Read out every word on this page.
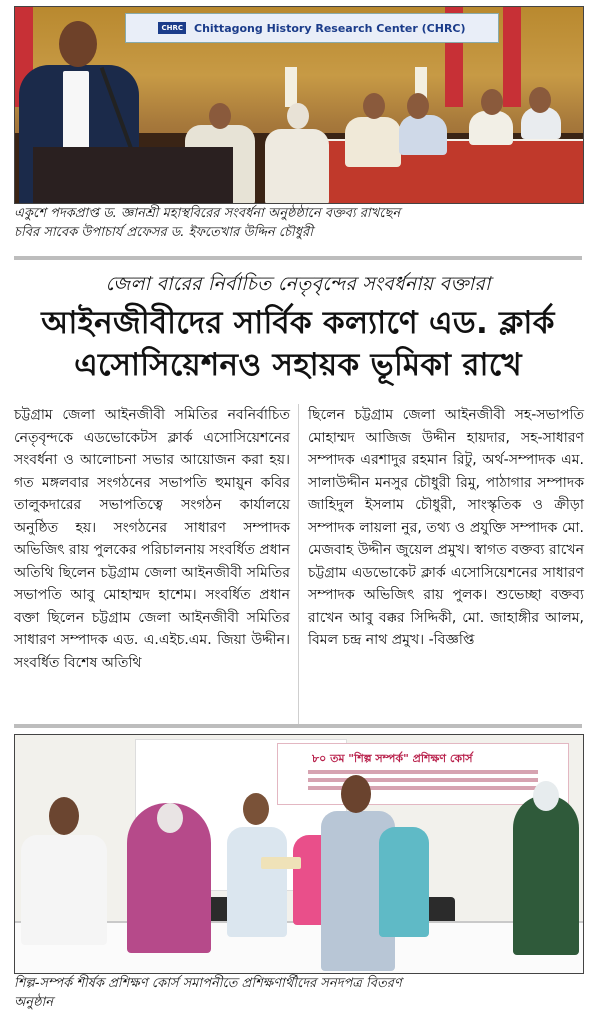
CHRC Chittagong History Research Center (CHRC)
একুশে পদকপ্রাপ্ত ড. জ্ঞানশ্রী মহাস্থবিরের সংবর্ধনা অনুষ্ঠষ্ঠানে বক্তব্য রাখছেন
চবির সাবেক উপাচার্য প্রফেসর ড. ইফতেখার উদ্দিন চৌধুরী
জেলা বারের নির্বাচিত নেতৃবৃন্দের সংবর্ধনায় বক্তারা
আইনজীবীদের সার্বিক কল্যাণে এড. ক্লার্ক
এসোসিয়েশনও সহায়ক ভূমিকা রাখে
চট্টগ্রাম জেলা আইনজীবী সমিতির নবনির্বাচিত নেতৃবৃন্দকে এডভোকেটস ক্লার্ক এসোসিয়েশনের সংবর্ধনা ও আলোচনা সভার আয়োজন করা হয়। গত মঙ্গলবার সংগঠনের সভাপতি হুমায়ুন কবির তালুকদারের সভাপতিত্বে সংগঠন কার্যালয়ে অনুষ্ঠিত হয়। সংগঠনের সাধারণ সম্পাদক অভিজিৎ রায় পুলকের পরিচালনায় সংবর্ধিত প্রধান অতিথি ছিলেন চট্টগ্রাম জেলা আইনজীবী সমিতির সভাপতি আবু মোহাম্মদ হাশেম। সংবর্ধিত প্রধান বক্তা ছিলেন চট্টগ্রাম জেলা আইনজীবী সমিতির সাধারণ সম্পাদক এড. এ.এইচ.এম. জিয়া উদ্দীন। সংবর্ধিত বিশেষ অতিথি
ছিলেন চট্টগ্রাম জেলা আইনজীবী সহ-সভাপতি মোহাম্মদ আজিজ উদ্দীন হায়দার, সহ-সাধারণ সম্পাদক এরশাদুর রহমান রিটু, অর্থ-সম্পাদক এম. সালাউদ্দীন মনসুর চৌধুরী রিমু, পাঠাগার সম্পাদক জাহিদুল ইসলাম চৌধুরী, সাংস্কৃতিক ও ক্রীড়া সম্পাদক লায়লা নুর, তথ্য ও প্রযুক্তি সম্পাদক মো. মেজবাহ উদ্দীন জুয়েল প্রমুখ। স্বাগত বক্তব্য রাখেন চট্টগ্রাম এডভোকেট ক্লার্ক এসোসিয়েশনের সাধারণ সম্পাদক অভিজিৎ রায় পুলক। শুভেচ্ছা বক্তব্য রাখেন আবু বক্কর সিদ্দিকী, মো. জাহাঙ্গীর আলম, বিমল চন্দ্র নাথ প্রমুখ। -বিজ্ঞপ্তি
৮০ তম "শিল্প সম্পর্ক" প্রশিক্ষণ কোর্স
শিল্প-সম্পর্ক শীর্ষক প্রশিক্ষণ কোর্স সমাপনীতে প্রশিক্ষণার্থীদের সনদপত্র বিতরণ
অনুষ্ঠান
